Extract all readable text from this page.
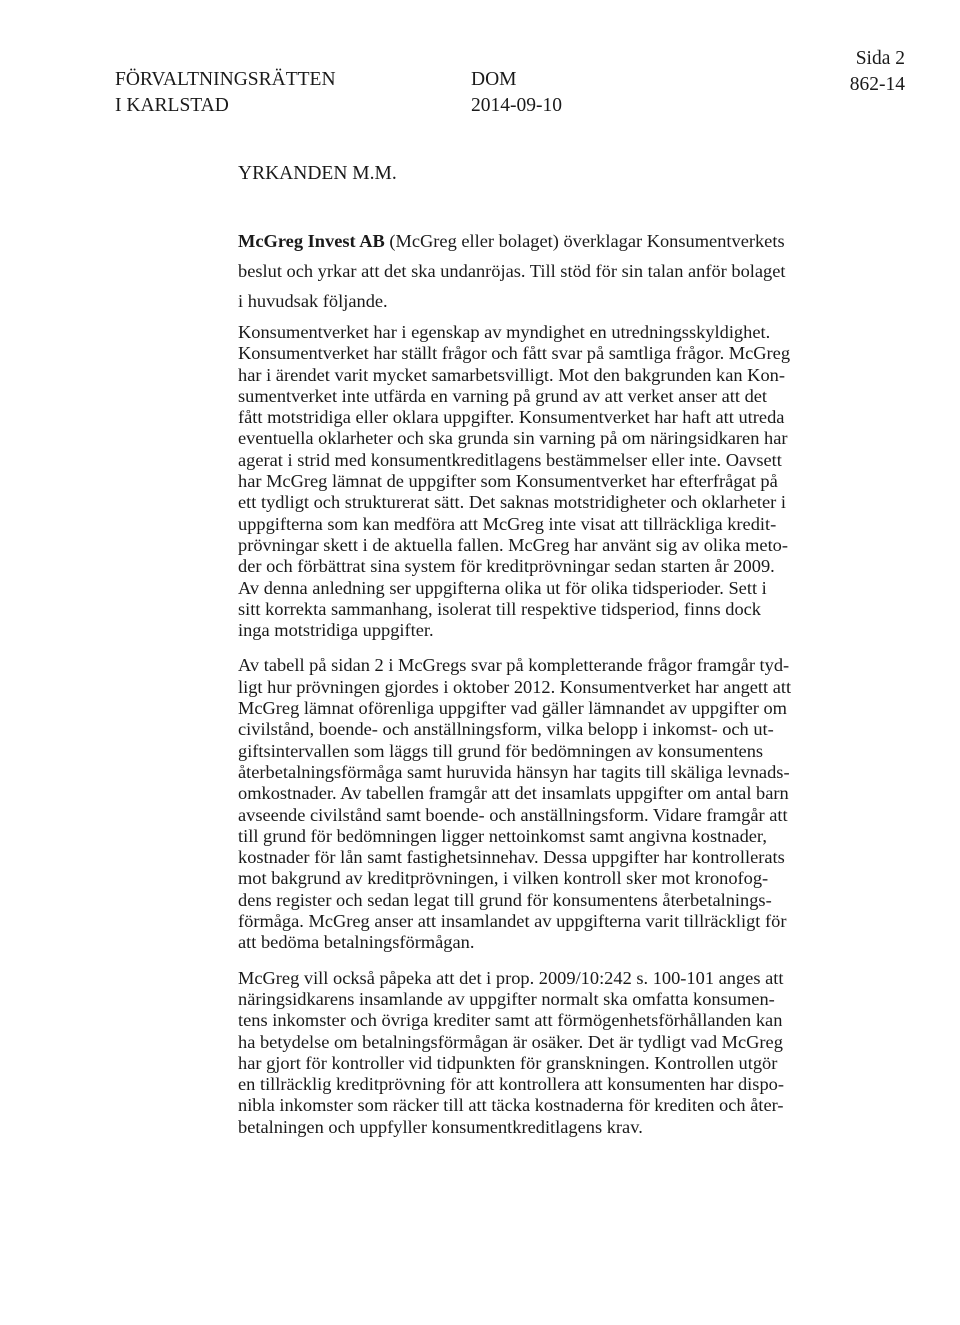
FÖRVALTNINGSRÄTTEN
I KARLSTAD
DOM
2014-09-10
Sida 2
862-14
YRKANDEN M.M.
McGreg Invest AB (McGreg eller bolaget) överklagar Konsumentverkets
beslut och yrkar att det ska undanröjas. Till stöd för sin talan anför bolaget
i huvudsak följande.
Konsumentverket har i egenskap av myndighet en utredningsskyldighet.
Konsumentverket har ställt frågor och fått svar på samtliga frågor. McGreg
har i ärendet varit mycket samarbetsvilligt. Mot den bakgrunden kan Kon-
sumentverket inte utfärda en varning på grund av att verket anser att det
fått motstridiga eller oklara uppgifter. Konsumentverket har haft att utreda
eventuella oklarheter och ska grunda sin varning på om näringsidkaren har
agerat i strid med konsumentkreditlagens bestämmelser eller inte. Oavsett
har McGreg lämnat de uppgifter som Konsumentverket har efterfrågat på
ett tydligt och strukturerat sätt. Det saknas motstridigheter och oklarheter i
uppgifterna som kan medföra att McGreg inte visat att tillräckliga kredit-
prövningar skett i de aktuella fallen. McGreg har använt sig av olika meto-
der och förbättrat sina system för kreditprövningar sedan starten år 2009.
Av denna anledning ser uppgifterna olika ut för olika tidsperioder. Sett i
sitt korrekta sammanhang, isolerat till respektive tidsperiod, finns dock
inga motstridiga uppgifter.
Av tabell på sidan 2 i McGregs svar på kompletterande frågor framgår tyd-
ligt hur prövningen gjordes i oktober 2012. Konsumentverket har angett att
McGreg lämnat oförenliga uppgifter vad gäller lämnandet av uppgifter om
civilstånd, boende- och anställningsform, vilka belopp i inkomst- och ut-
giftsintervallen som läggs till grund för bedömningen av konsumentens
återbetalningsförmåga samt huruvida hänsyn har tagits till skäliga levnads-
omkostnader. Av tabellen framgår att det insamlats uppgifter om antal barn
avseende civilstånd samt boende- och anställningsform. Vidare framgår att
till grund för bedömningen ligger nettoinkomst samt angivna kostnader,
kostnader för lån samt fastighetsinnehav. Dessa uppgifter har kontrollerats
mot bakgrund av kreditprövningen, i vilken kontroll sker mot kronofog-
dens register och sedan legat till grund för konsumentens återbetalnings-
förmåga. McGreg anser att insamlandet av uppgifterna varit tillräckligt för
att bedöma betalningsförmågan.
McGreg vill också påpeka att det i prop. 2009/10:242 s. 100-101 anges att
näringsidkarens insamlande av uppgifter normalt ska omfatta konsumen-
tens inkomster och övriga krediter samt att förmögenhetsförhållanden kan
ha betydelse om betalningsförmågan är osäker. Det är tydligt vad McGreg
har gjort för kontroller vid tidpunkten för granskningen. Kontrollen utgör
en tillräcklig kreditprövning för att kontrollera att konsumenten har dispo-
nibla inkomster som räcker till att täcka kostnaderna för krediten och åter-
betalningen och uppfyller konsumentkreditlagens krav.
